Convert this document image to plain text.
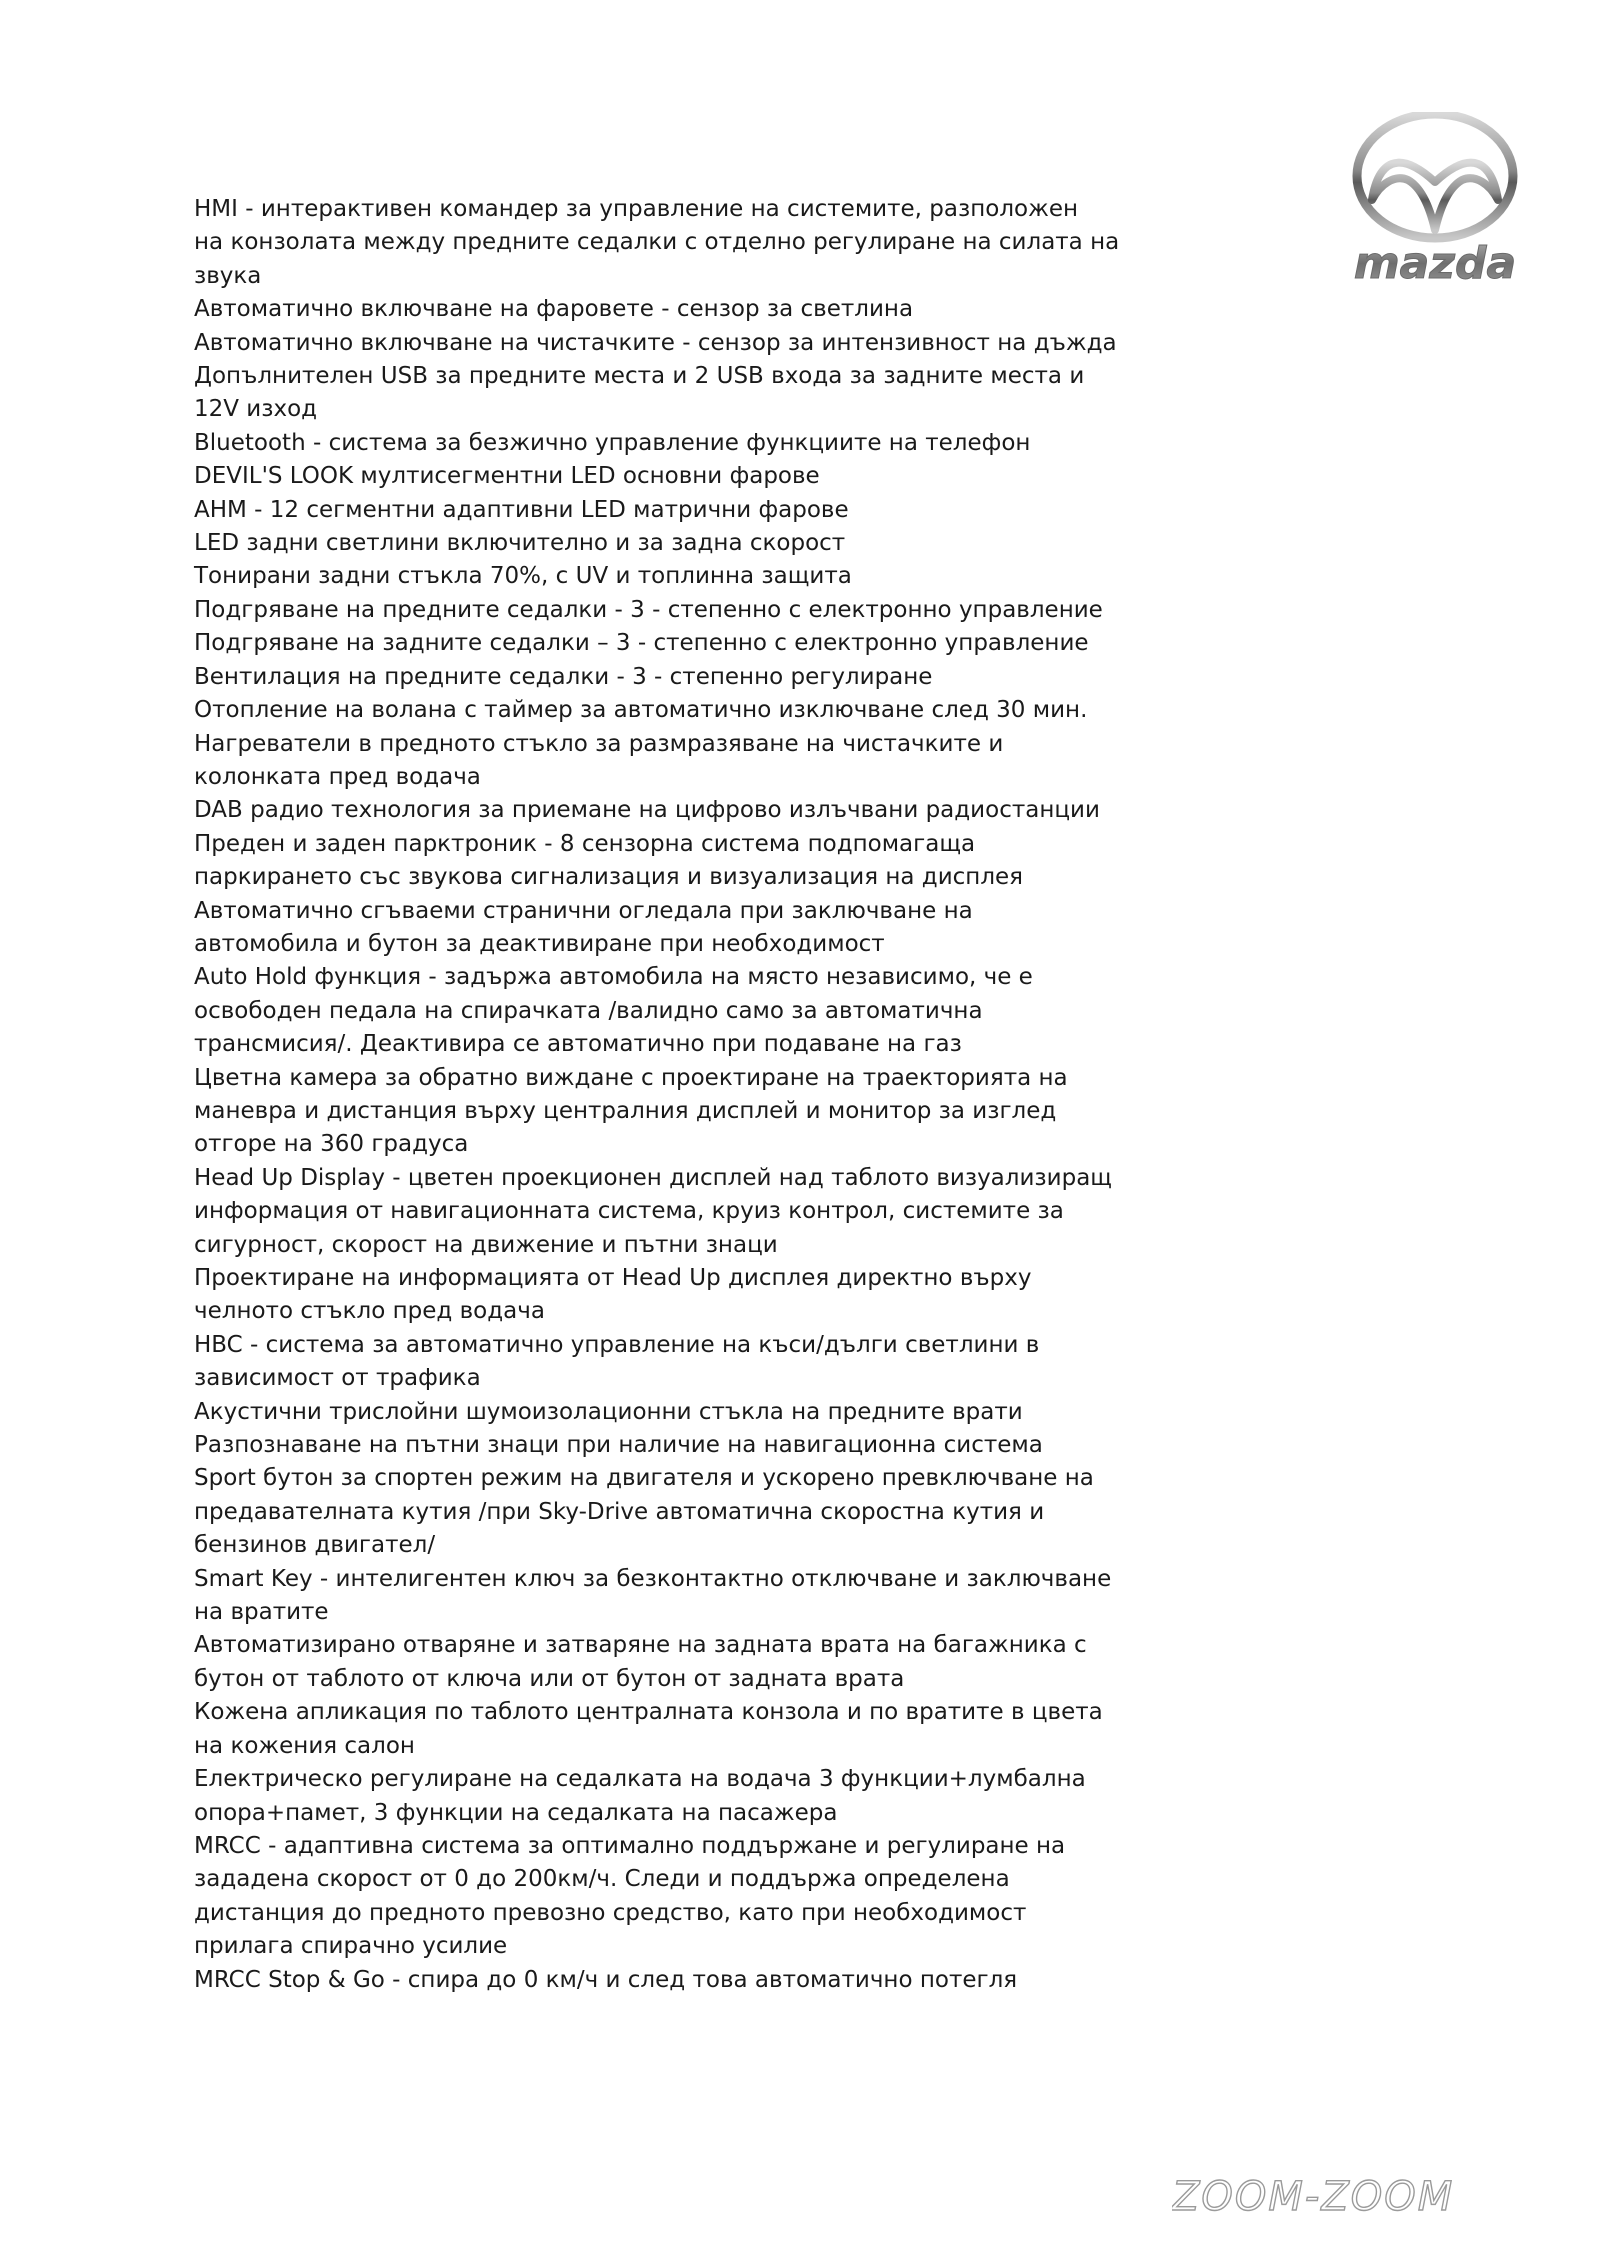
mazda

HMI - интерактивен командер за управление на системите, разположен

на конзолата между предните седалки с отделно регулиране на силата на

звука

Автоматично включване на фаровете - сензор за светлина

Автоматично включване на чистачките - сензор за интензивност на дъжда

Допълнителен USB за предните места и 2 USB входа за задните места и

12V изход

Bluetooth - система за безжично управление функциите на телефон

DEVIL'S LOOK мултисегментни LED основни фарове

AHM - 12 сегментни адаптивни LED матрични фарове

LED задни светлини включително и за задна скорост

Тонирани задни стъкла 70%, с UV и топлинна защита

Подгряване на предните седалки - 3 - степенно с електронно управление

Подгряване на задните седалки – 3 - степенно с електронно управление

Вентилация на предните седалки - 3 - степенно регулиране

Отопление на волана с таймер за автоматично изключване след 30 мин.

Нагреватели в предното стъкло за размразяване на чистачките и

колонката пред водача

DAB радио технология за приемане на цифрово излъчвани радиостанции

Преден и заден парктроник - 8 сензорна система подпомагаща

паркирането със звукова сигнализация и визуализация на дисплея

Автоматично сгъваеми странични огледала при заключване на

автомобила и бутон за деактивиране при необходимост

Auto Hold функция - задържа автомобила на място независимо, че е

освободен педала на спирачката /валидно само за автоматична

трансмисия/. Деактивира се автоматично при подаване на газ

Цветна камера за обратно виждане с проектиране на траекторията на

маневра и дистанция върху централния дисплей и монитор за изглед

отгоре на 360 градуса

Head Up Display - цветен проекционен дисплей над таблото визуализиращ

информация от навигационната система, круиз контрол, системите за

сигурност, скорост на движение и пътни знаци

Проектиране на информацията от Head Up дисплея директно върху

челното стъкло пред водача

HBC - система за автоматично управление на къси/дълги светлини в

зависимост от трафика

Акустични трислойни шумоизолационни стъкла на предните врати

Разпознаване на пътни знаци при наличие на навигационна система

Sport бутон за спортен режим на двигателя и ускорено превключване на

предавателната кутия /при Sky-Drive автоматична скоростна кутия и

бензинов двигател/

Smart Key - интелигентен ключ за безконтактно отключване и заключване

на вратите

Автоматизирано отваряне и затваряне на задната врата на багажника с

бутон от таблото от ключа или от бутон от задната врата

Кожена апликация по таблото централната конзола и по вратите в цвета

на кожения салон

Електрическо регулиране на седалката на водача 3 функции+лумбална

опора+памет, 3 функции на седалката на пасажера

MRCC - адаптивна система за оптимално поддържане и регулиране на

зададена скорост от 0 до 200км/ч. Следи и поддържа определена

дистанция до предното превозно средство, като при необходимост

прилага спирачно усилие

MRCC Stop & Go - спира до 0 км/ч и след това автоматично потегля

ZOOM-ZOOM
